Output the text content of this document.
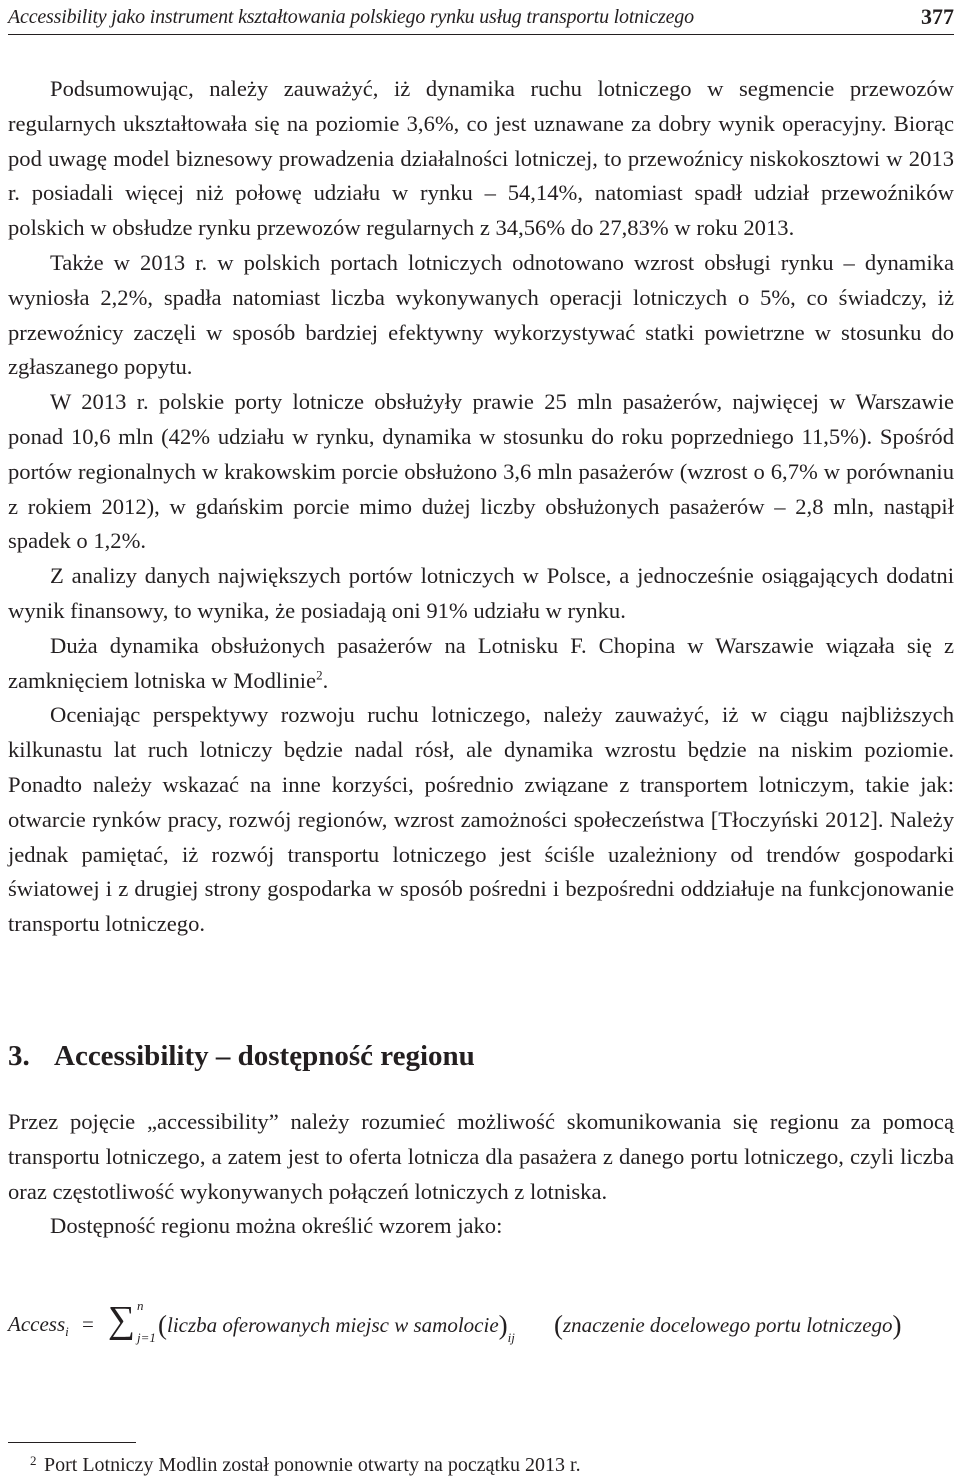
Accessibility jako instrument kształtowania polskiego rynku usług transportu lotniczego	377

Podsumowując, należy zauważyć, iż dynamika ruchu lotniczego w segmencie przewozów regularnych ukształtowała się na poziomie 3,6%, co jest uznawane za dobry wynik operacyjny. Biorąc pod uwagę model biznesowy prowadzenia działalności lotniczej, to przewoźnicy niskokosztowi w 2013 r. posiadali więcej niż połowę udziału w rynku – 54,14%, natomiast spadł udział przewoźników polskich w obsłudze rynku przewozów regularnych z 34,56% do 27,83% w roku 2013.

Także w 2013 r. w polskich portach lotniczych odnotowano wzrost obsługi rynku – dynamika wyniosła 2,2%, spadła natomiast liczba wykonywanych operacji lotniczych o 5%, co świadczy, iż przewoźnicy zaczęli w sposób bardziej efektywny wykorzystywać statki powietrzne w stosunku do zgłaszanego popytu.

W 2013 r. polskie porty lotnicze obsłużyły prawie 25 mln pasażerów, najwięcej w Warszawie ponad 10,6 mln (42% udziału w rynku, dynamika w stosunku do roku poprzedniego 11,5%). Spośród portów regionalnych w krakowskim porcie obsłużono 3,6 mln pasażerów (wzrost o 6,7% w porównaniu z rokiem 2012), w gdańskim porcie mimo dużej liczby obsłużonych pasażerów – 2,8 mln, nastąpił spadek o 1,2%.

Z analizy danych największych portów lotniczych w Polsce, a jednocześnie osiągających dodatni wynik finansowy, to wynika, że posiadają oni 91% udziału w rynku.

Duża dynamika obsłużonych pasażerów na Lotnisku F. Chopina w Warszawie wiązała się z zamknięciem lotniska w Modlinie$^2$.

Oceniając perspektywy rozwoju ruchu lotniczego, należy zauważyć, iż w ciągu najbliższych kilkunastu lat ruch lotniczy będzie nadal rósł, ale dynamika wzrostu będzie na niskim poziomie. Ponadto należy wskazać na inne korzyści, pośrednio związane z transportem lotniczym, takie jak: otwarcie rynków pracy, rozwój regionów, wzrost zamożności społeczeństwa [Tłoczyński 2012]. Należy jednak pamiętać, iż rozwój transportu lotniczego jest ściśle uzależniony od trendów gospodarki światowej i z drugiej strony gospodarka w sposób pośredni i bezpośredni oddziałuje na funkcjonowanie transportu lotniczego.

3. Accessibility – dostępność regionu

Przez pojęcie „accessibility” należy rozumieć możliwość skomunikowania się regionu za pomocą transportu lotniczego, a zatem jest to oferta lotnicza dla pasażera z danego portu lotniczego, czyli liczba oraz częstotliwość wykonywanych połączeń lotniczych z lotniska.

Dostępność regionu można określić wzorem jako:

Access$_i$ = ∑ n
j=1 (liczba oferowanych miejsc w $samolocie)_{ij}$ (znaczenie docelowego portu lotniczego)
2 Port Lotniczy Modlin został ponownie otwarty na początku 2013 r.
